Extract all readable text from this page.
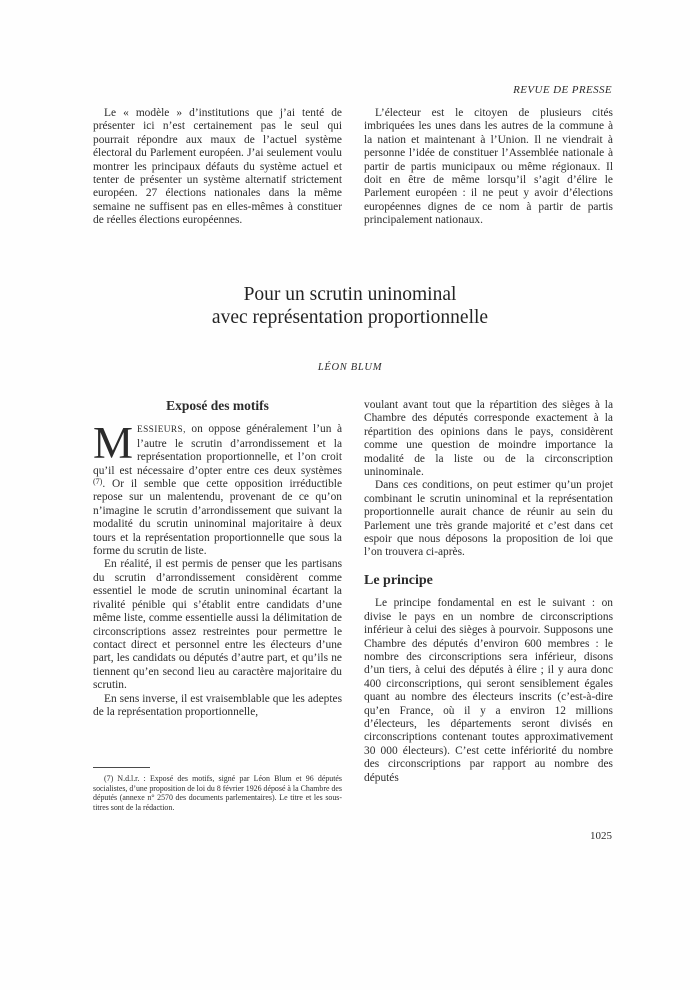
REVUE DE PRESSE

Le « modèle » d’institutions que j’ai tenté de présenter ici n’est certainement pas le seul qui pourrait répondre aux maux de l’actuel système électoral du Parlement européen. J’ai seulement voulu montrer les principaux défauts du système actuel et tenter de présenter un système alternatif strictement européen. 27 élections nationales dans la même semaine ne suffisent pas en elles-mêmes à constituer de réelles élections européennes.

L’électeur est le citoyen de plusieurs cités imbriquées les unes dans les autres de la commune à la nation et maintenant à l’Union. Il ne viendrait à personne l’idée de constituer l’Assemblée nationale à partir de partis municipaux ou même régionaux. Il doit en être de même lorsqu’il s’agit d’élire le Parlement européen : il ne peut y avoir d’élections européennes dignes de ce nom à partir de partis principalement nationaux.

Pour un scrutin uninominal
avec représentation proportionnelle
LÉON BLUM
Exposé des motifs

MESSIEURS, on oppose généralement l’un à l’autre le scrutin d’arrondissement et la représentation proportionnelle, et l’on croit qu’il est nécessaire d’opter entre ces deux systèmes $^{(7)}$. Or il semble que cette opposition irréductible repose sur un malentendu, provenant de ce qu’on n’imagine le scrutin d’arrondissement que suivant la modalité du scrutin uninominal majoritaire à deux tours et la représentation proportionnelle que sous la forme du scrutin de liste.

En réalité, il est permis de penser que les partisans du scrutin d’arrondissement considèrent comme essentiel le mode de scrutin uninominal écartant la rivalité pénible qui s’établit entre candidats d’une même liste, comme essentielle aussi la délimitation de circonscriptions assez restreintes pour permettre le contact direct et personnel entre les électeurs d’une part, les candidats ou députés d’autre part, et qu’ils ne tiennent qu’en second lieu au caractère majoritaire du scrutin.

En sens inverse, il est vraisemblable que les adeptes de la représentation proportionnelle,

(7) N.d.l.r. : Exposé des motifs, signé par Léon Blum et 96 députés socialistes, d’une proposition de loi du 8 février 1926 déposé à la Chambre des députés (annexe n° 2570 des documents parlementaires). Le titre et les sous-titres sont de la rédaction.

voulant avant tout que la répartition des sièges à la Chambre des députés corresponde exactement à la répartition des opinions dans le pays, considèrent comme une question de moindre importance la modalité de la liste ou de la circonscription uninominale.

Dans ces conditions, on peut estimer qu’un projet combinant le scrutin uninominal et la représentation proportionnelle aurait chance de réunir au sein du Parlement une très grande majorité et c’est dans cet espoir que nous déposons la proposition de loi que l’on trouvera ci-après.

Le principe

Le principe fondamental en est le suivant : on divise le pays en un nombre de circonscriptions inférieur à celui des sièges à pourvoir. Supposons une Chambre des députés d’environ 600 membres : le nombre des circonscriptions sera inférieur, disons d’un tiers, à celui des députés à élire ; il y aura donc 400 circonscriptions, qui seront sensiblement égales quant au nombre des électeurs inscrits (c’est-à-dire qu’en France, où il y a environ 12 millions d’électeurs, les départements seront divisés en circonscriptions contenant toutes approximativement 30 000 électeurs). C’est cette infériorité du nombre des circonscriptions par rapport au nombre des députés

1025
